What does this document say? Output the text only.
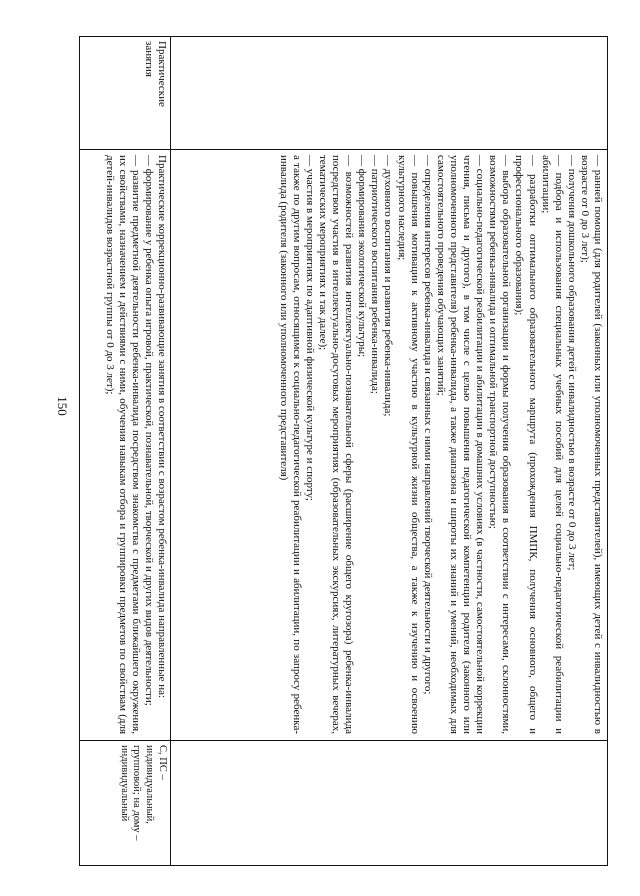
150	— ранней помощи (для родителей (законных или уполномоченных представителей), имеющих детей с инвалидностью в возрасте от 0 до 3 лет);

— получения дошкольного образования детей с инвалидностью в возрасте от 0 до 3 лет;

— подбора и использования специальных учебных пособий для целей социально-педагогической реабилитации и абилитации;

— разработки оптимального образовательного маршрута (прохождения ПМПК, получения основного, общего и профессионального образования);

— выбора образовательной организации и формы получения образования в соответствии с интересами, склонностями, возможностями ребенка-инвалида и оптимальной транспортной доступностью;

— социально-педагогической реабилитации и абилитации в домашних условиях (в частности, самостоятельной коррекции чтения, письма и другого), в том числе с целью повышения педагогической компетенции родителя (законного или уполномоченного представителя) ребенка-инвалида, а также диапазона и широты их знаний и умений, необходимых для самостоятельного проведения обучающих занятий;

— определения интересов ребенка-инвалида и связанных с ними направлений творческой деятельности и другого;

— повышения мотивации к активному участию в культурной жизни общества, а также к изучению и освоению культурного наследия;

— духовного воспитания и развития ребенка-инвалида;

— патриотического воспитания ребенка-инвалида;

— формирования экологической культуры;

— возможностей развития интеллектуально-познавательной сферы (расширение общего кругозора) ребенка-инвалида посредством участия в интеллектуально-досуговых мероприятиях (образовательных экскурсиях, литературных вечерах, тематических мероприятиях и так далее);

— участия в мероприятиях по адаптивной физической культуре и спорту;

а также по другим вопросам, относящимся к социально-педагогической реабилитации и абилитации, по запросу ребенка-инвалида (родителя (законного или уполномоченного представителя)

Практические занятия

Практические коррекционно-развивающие занятия в соответствии с возрастом ребенка-инвалида направленные на:

— формирование у ребенка опыта игровой, практической, познавательной, творческой и других видов деятельности;

— развитие предметной деятельности ребенка-инвалида посредством знакомства с предметами ближайшего окружения, их свойствами, назначением и действиями с ними, обучения навыкам отбора и группировки предметов по свойствам (для детей-инвалидов возрастной группы от 0 до 3 лет);

С, ПС – индивидуальный, групповой; на дому – индивидуальный
